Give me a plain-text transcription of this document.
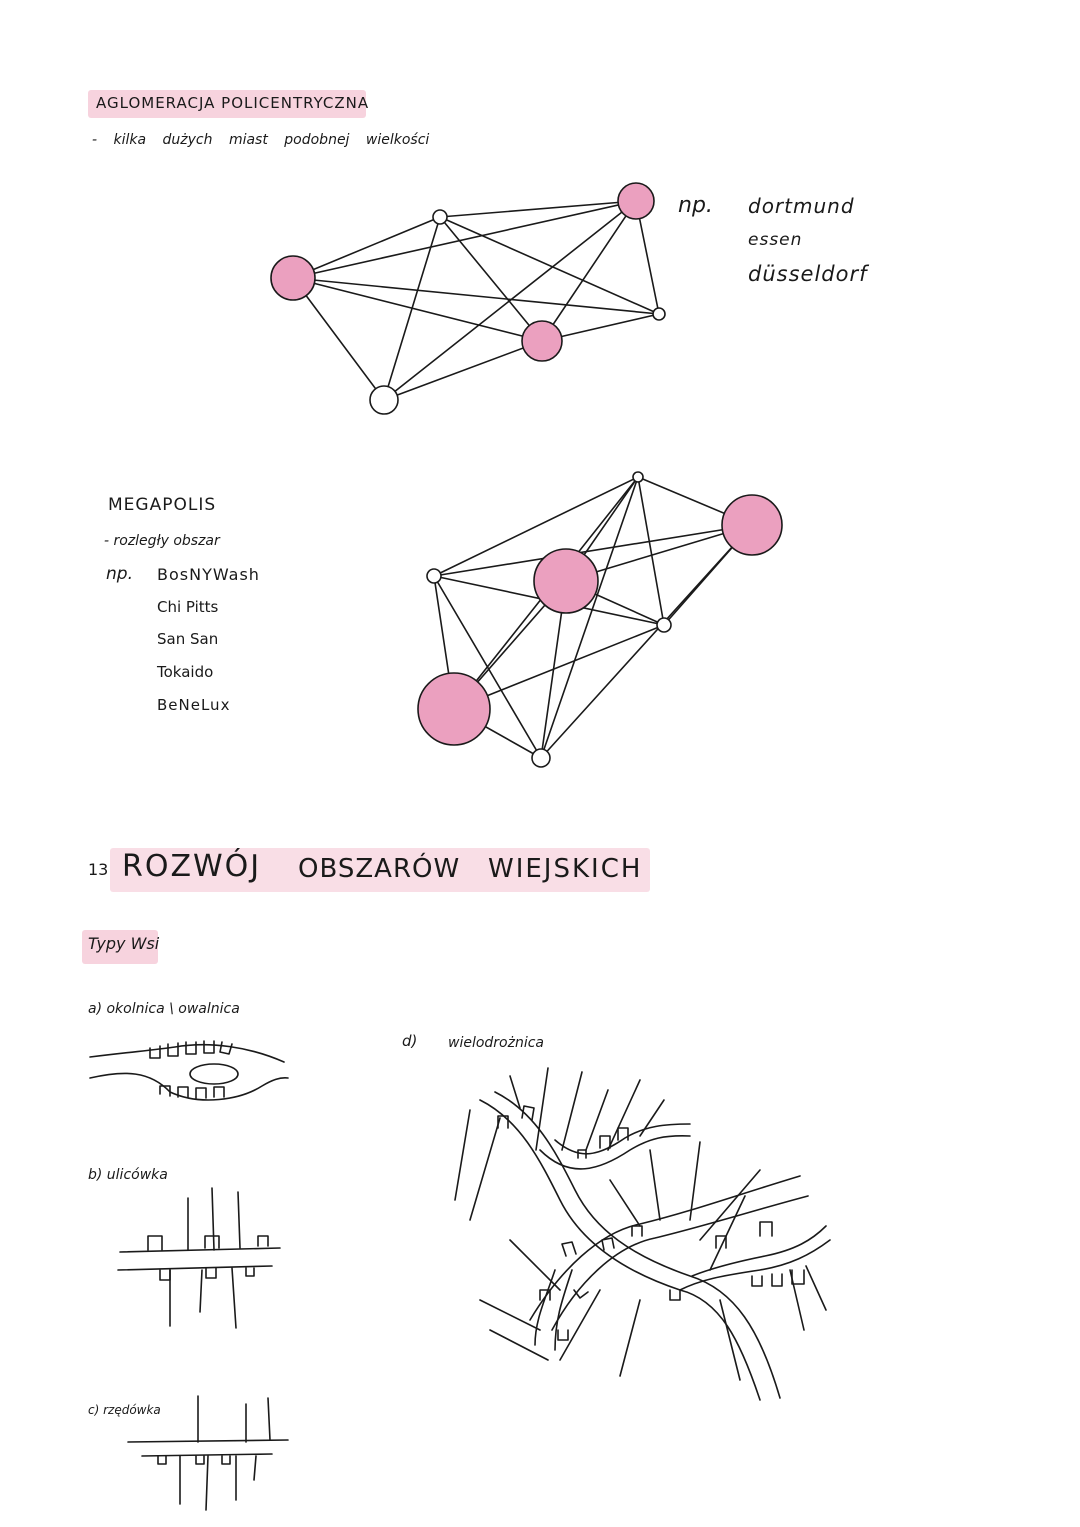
AGLOMERACJA POLICENTRYCZNA
- kilka dużych miast podobnej wielkości
np. dortmund
essen
düsseldorf
MEGAPOLIS
- rozległy obszar
np. BosNYWash
Chi Pitts
San San
Tokaido
BeNeLux
13 ROZWÓJ OBSZARÓW WIEJSKICH
Typy Wsi
a) okolnica \ owalnica
b) ulicówka
c) rzędówka
d) wielodrożnica
